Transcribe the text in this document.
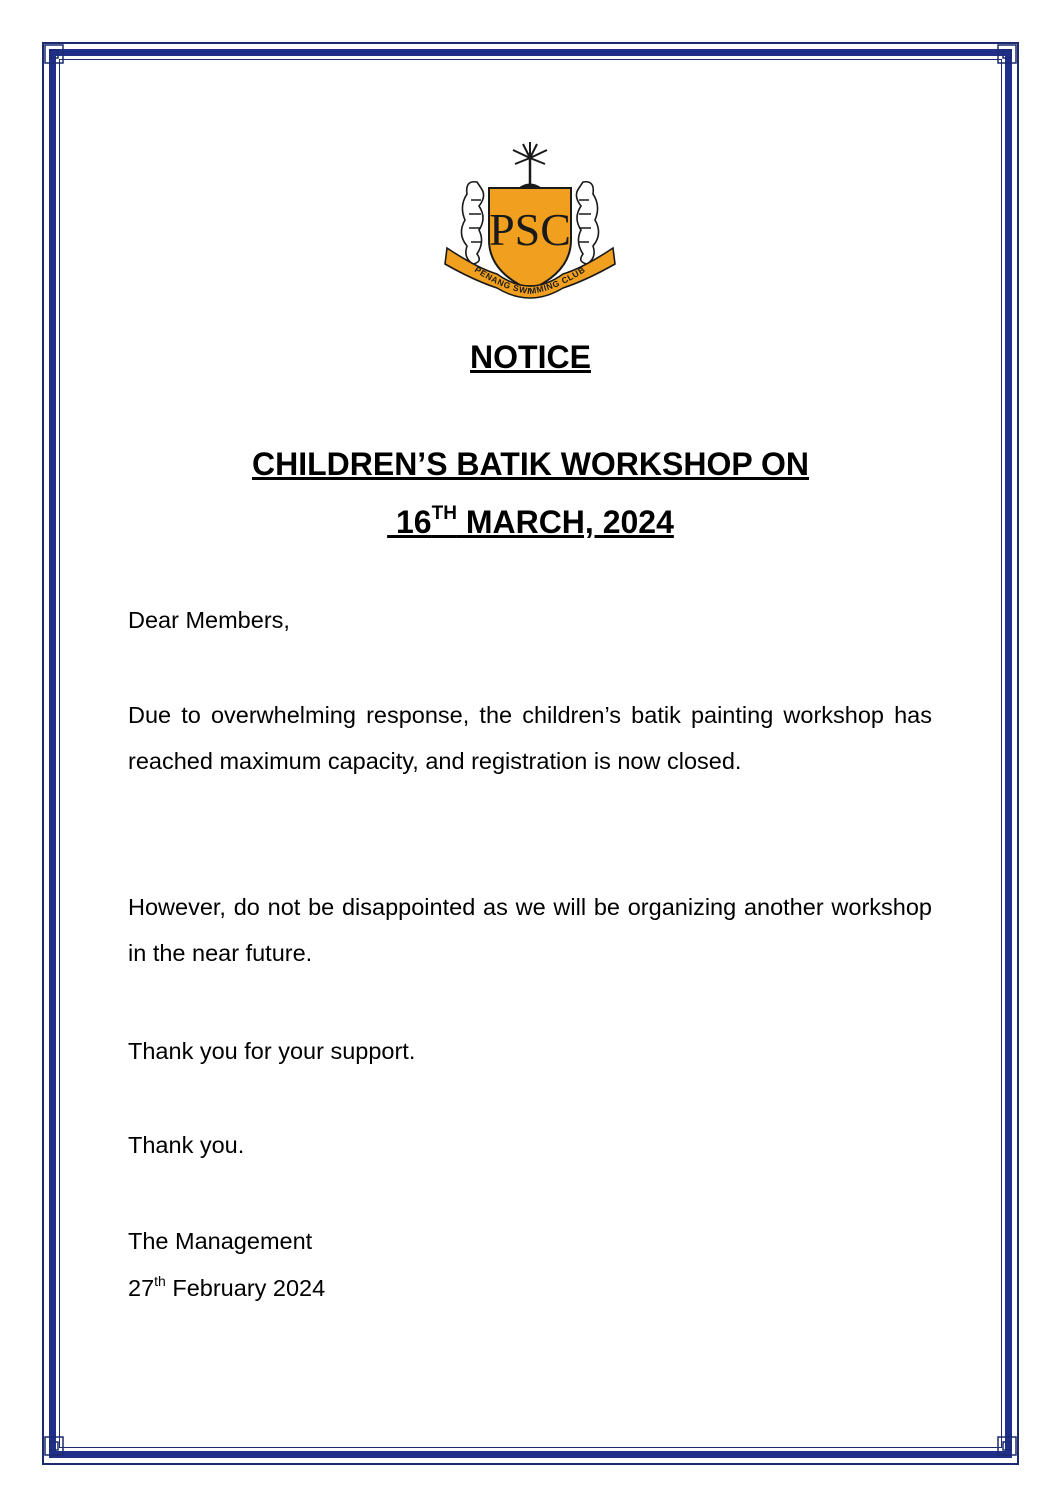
PSC
PENANG SWIMMING CLUB
NOTICE
CHILDREN’S BATIK WORKSHOP ON
16TH MARCH, 2024

Dear Members,

Due to overwhelming response, the children’s batik painting workshop has reached maximum capacity, and registration is now closed.

However, do not be disappointed as we will be organizing another workshop in the near future.

Thank you for your support.

Thank you.

The Management

27th February 2024
